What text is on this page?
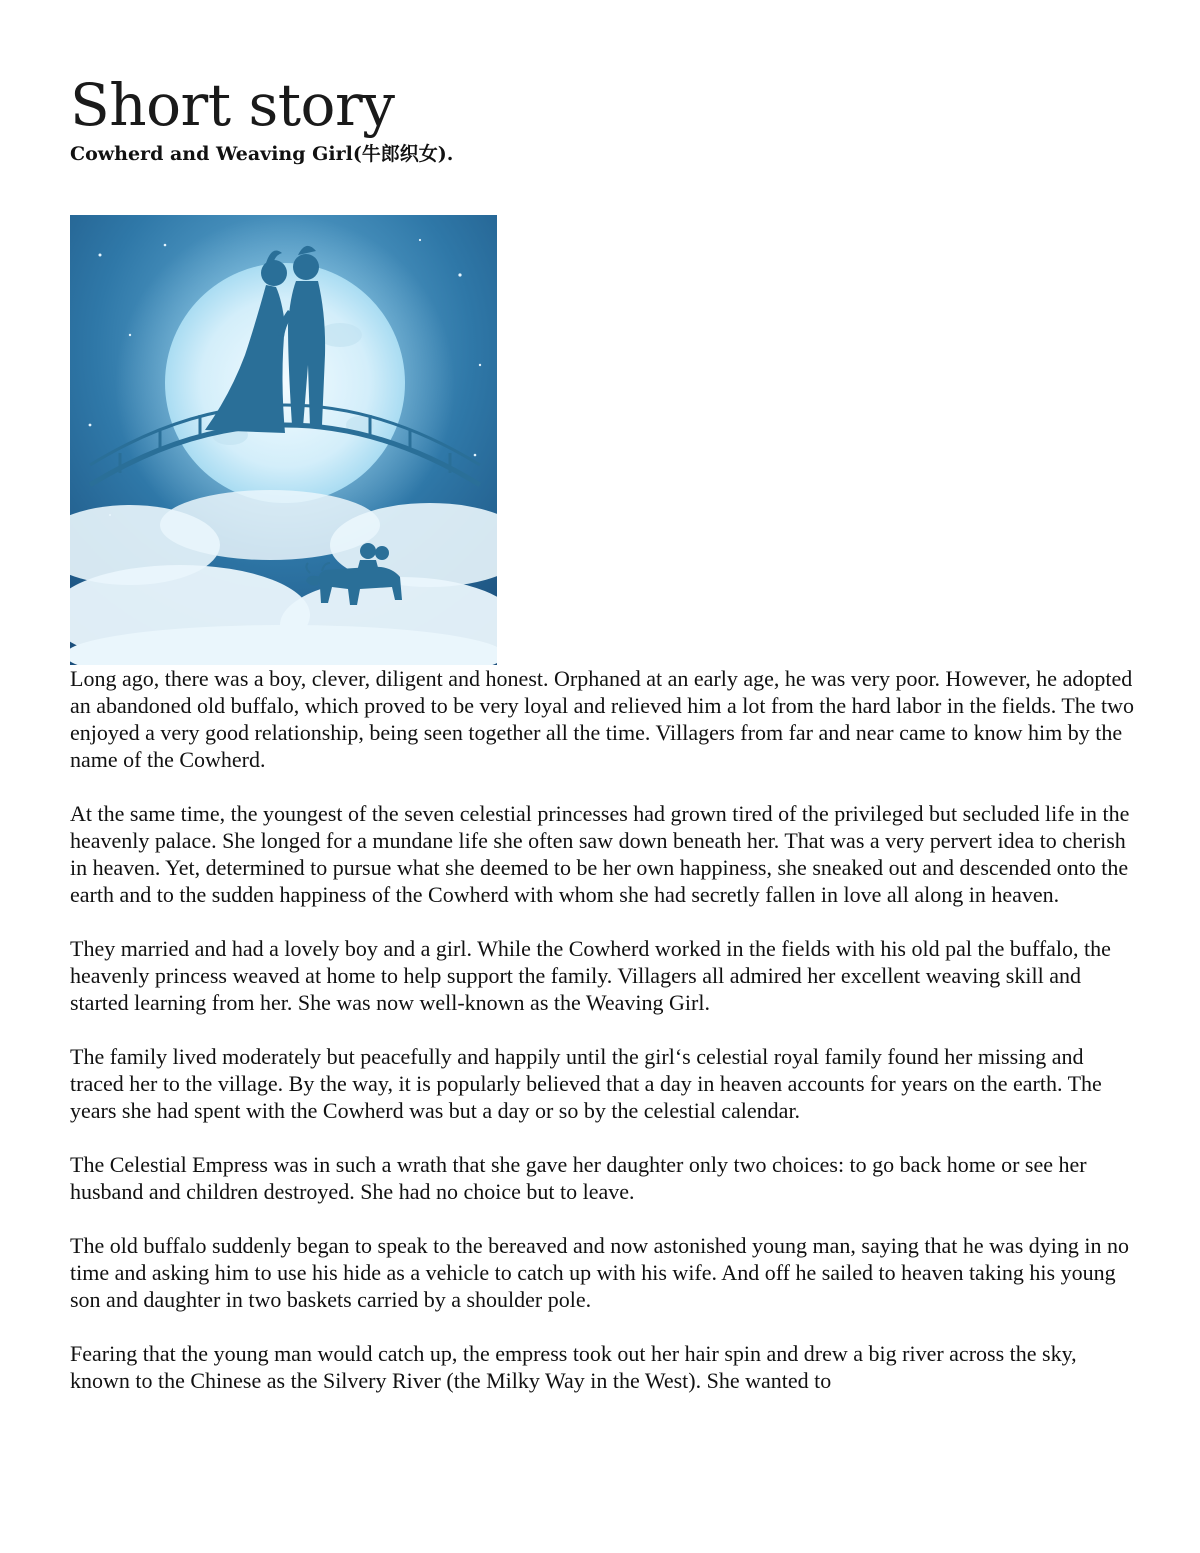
Short story
Cowherd and Weaving Girl(牛郎织女).

Long ago, there was a boy, clever, diligent and honest. Orphaned at an early age, he was very poor. However, he adopted an abandoned old buffalo, which proved to be very loyal and relieved him a lot from the hard labor in the fields. The two enjoyed a very good relationship, being seen together all the time. Villagers from far and near came to know him by the name of the Cowherd.

At the same time, the youngest of the seven celestial princesses had grown tired of the privileged but secluded life in the heavenly palace. She longed for a mundane life she often saw down beneath her. That was a very pervert idea to cherish in heaven. Yet, determined to pursue what she deemed to be her own happiness, she sneaked out and descended onto the earth and to the sudden happiness of the Cowherd with whom she had secretly fallen in love all along in heaven.

They married and had a lovely boy and a girl. While the Cowherd worked in the fields with his old pal the buffalo, the heavenly princess weaved at home to help support the family. Villagers all admired her excellent weaving skill and started learning from her. She was now well-known as the Weaving Girl.

The family lived moderately but peacefully and happily until the girl‘s celestial royal family found her missing and traced her to the village. By the way, it is popularly believed that a day in heaven accounts for years on the earth. The years she had spent with the Cowherd was but a day or so by the celestial calendar.

The Celestial Empress was in such a wrath that she gave her daughter only two choices: to go back home or see her husband and children destroyed. She had no choice but to leave.

The old buffalo suddenly began to speak to the bereaved and now astonished young man, saying that he was dying in no time and asking him to use his hide as a vehicle to catch up with his wife. And off he sailed to heaven taking his young son and daughter in two baskets carried by a shoulder pole.

Fearing that the young man would catch up, the empress took out her hair spin and drew a big river across the sky, known to the Chinese as the Silvery River (the Milky Way in the West). She wanted to
